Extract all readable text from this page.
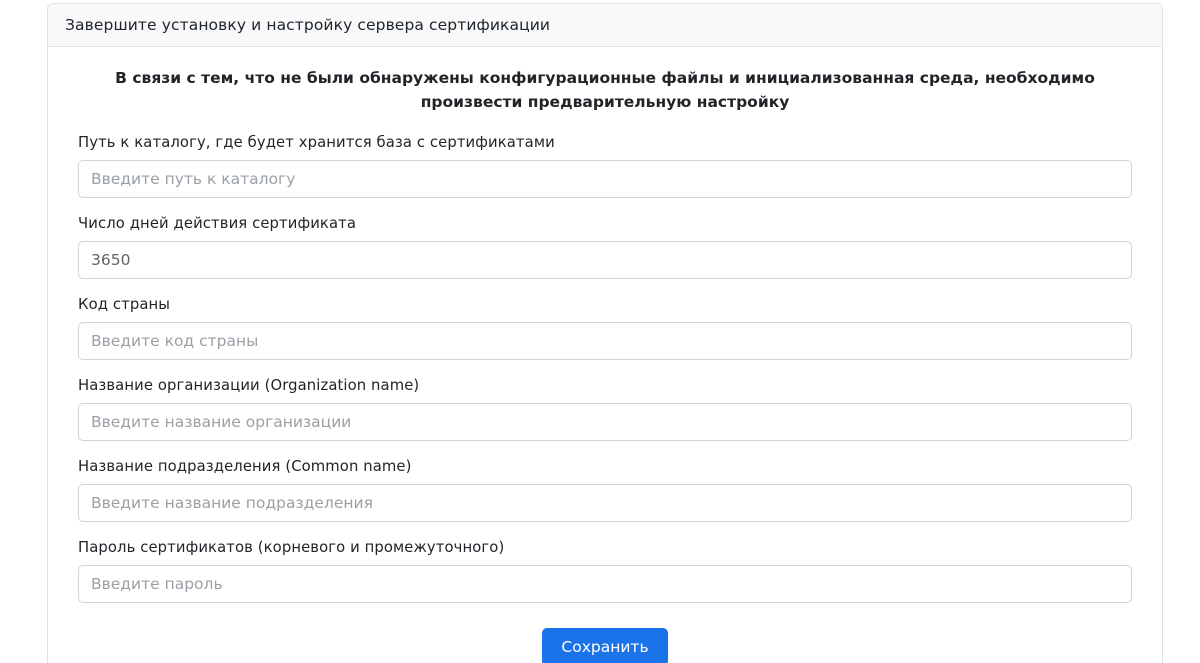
Завершите установку и настройку сервера сертификации

В связи с тем, что не были обнаружены конфигурационные файлы и инициализованная среда, необходимо произвести предварительную настройку

Путь к каталогу, где будет хранится база с сертификатами
Введите путь к каталогу
Число дней действия сертификата
3650
Код страны
Введите код страны
Название организации (Organization name)
Введите название организации
Название подразделения (Common name)
Введите название подразделения
Пароль сертификатов (корневого и промежуточного)
Введите пароль
Сохранить
